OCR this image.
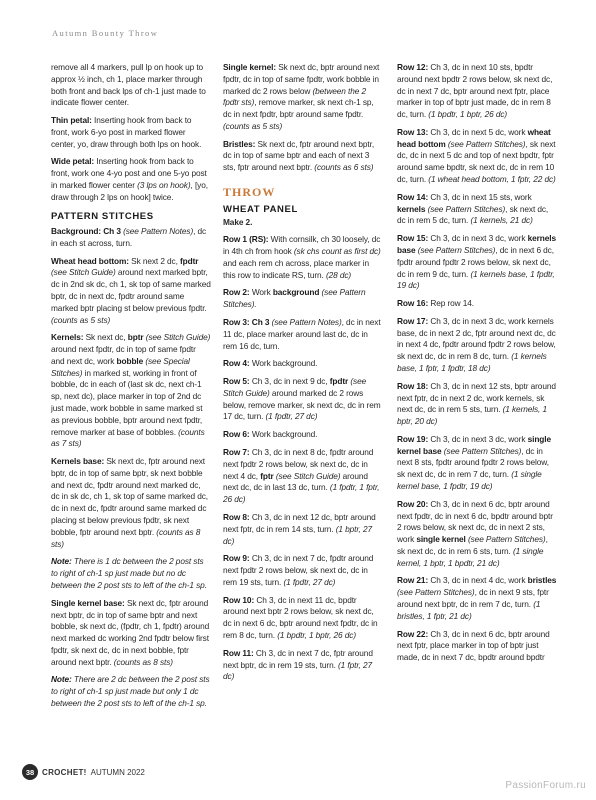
Autumn Bounty Throw

remove all 4 markers, pull lp on hook up to approx ½ inch, ch 1, place marker through both front and back lps of ch-1 just made to indicate flower center.

Thin petal: Inserting hook from back to front, work 6-yo post in marked flower center, yo, draw through both lps on hook.

Wide petal: Inserting hook from back to front, work one 4-yo post and one 5-yo post in marked flower center (3 lps on hook), [yo, draw through 2 lps on hook] twice.

PATTERN STITCHES

Background: Ch 3 (see Pattern Notes), dc in each st across, turn.

Wheat head bottom: Sk next 2 dc, fpdtr (see Stitch Guide) around next marked bptr, dc in 2nd sk dc, ch 1, sk top of same marked bptr, dc in next dc, fpdtr around same marked bptr placing st below previous fpdtr. (counts as 5 sts)

Kernels: Sk next dc, bptr (see Stitch Guide) around next fpdtr, dc in top of same fpdtr and next dc, work bobble (see Special Stitches) in marked st, working in front of bobble, dc in each of (last sk dc, next ch-1 sp, next dc), place marker in top of 2nd dc just made, work bobble in same marked st as previous bobble, bptr around next fpdtr, remove marker at base of bobbles. (counts as 7 sts)

Kernels base: Sk next dc, fptr around next bptr, dc in top of same bptr, sk next bobble and next dc, fpdtr around next marked dc, dc in sk dc, ch 1, sk top of same marked dc, dc in next dc, fpdtr around same marked dc placing st below previous fpdtr, sk next bobble, fptr around next bptr. (counts as 8 sts)

Note: There is 1 dc between the 2 post sts to right of ch-1 sp just made but no dc between the 2 post sts to left of the ch-1 sp.

Single kernel base: Sk next dc, fptr around next bptr, dc in top of same bptr and next bobble, sk next dc, (fpdtr, ch 1, fpdtr) around next marked dc working 2nd fpdtr below first fpdtr, sk next dc, dc in next bobble, fptr around next bptr. (counts as 8 sts)

Note: There are 2 dc between the 2 post sts to right of ch-1 sp just made but only 1 dc between the 2 post sts to left of the ch-1 sp.

Single kernel: Sk next dc, bptr around next fpdtr, dc in top of same fpdtr, work bobble in marked dc 2 rows below (between the 2 fpdtr sts), remove marker, sk next ch-1 sp, dc in next fpdtr, bptr around same fpdtr. (counts as 5 sts)

Bristles: Sk next dc, fptr around next bptr, dc in top of same bptr and each of next 3 sts, fptr around next bptr. (counts as 6 sts)

THROW
WHEAT PANEL

Make 2.

Row 1 (RS): With cornsilk, ch 30 loosely, dc in 4th ch from hook (sk chs count as first dc) and each rem ch across, place marker in this row to indicate RS, turn. (28 dc)

Row 2: Work background (see Pattern Stitches).

Row 3: Ch 3 (see Pattern Notes), dc in next 11 dc, place marker around last dc, dc in rem 16 dc, turn.

Row 4: Work background.

Row 5: Ch 3, dc in next 9 dc, fpdtr (see Stitch Guide) around marked dc 2 rows below, remove marker, sk next dc, dc in rem 17 dc, turn. (1 fpdtr, 27 dc)

Row 6: Work background.

Row 7: Ch 3, dc in next 8 dc, fpdtr around next fpdtr 2 rows below, sk next dc, dc in next 4 dc, fptr (see Stitch Guide) around next dc, dc in last 13 dc, turn. (1 fpdtr, 1 fptr, 26 dc)

Row 8: Ch 3, dc in next 12 dc, bptr around next fptr, dc in rem 14 sts, turn. (1 bptr, 27 dc)

Row 9: Ch 3, dc in next 7 dc, fpdtr around next fpdtr 2 rows below, sk next dc, dc in rem 19 sts, turn. (1 fpdtr, 27 dc)

Row 10: Ch 3, dc in next 11 dc, bpdtr around next bptr 2 rows below, sk next dc, dc in next 6 dc, bptr around next fpdtr, dc in rem 8 dc, turn. (1 bpdtr, 1 bptr, 26 dc)

Row 11: Ch 3, dc in next 7 dc, fptr around next bptr, dc in rem 19 sts, turn. (1 fptr, 27 dc)

Row 12: Ch 3, dc in next 10 sts, bpdtr around next bpdtr 2 rows below, sk next dc, dc in next 7 dc, bptr around next fptr, place marker in top of bptr just made, dc in rem 8 dc, turn. (1 bpdtr, 1 bptr, 26 dc)

Row 13: Ch 3, dc in next 5 dc, work wheat head bottom (see Pattern Stitches), sk next dc, dc in next 5 dc and top of next bpdtr, fptr around same bpdtr, sk next dc, dc in rem 10 dc, turn. (1 wheat head bottom, 1 fptr, 22 dc)

Row 14: Ch 3, dc in next 15 sts, work kernels (see Pattern Stitches), sk next dc, dc in rem 5 dc, turn. (1 kernels, 21 dc)

Row 15: Ch 3, dc in next 3 dc, work kernels base (see Pattern Stitches), dc in next 6 dc, fpdtr around fpdtr 2 rows below, sk next dc, dc in rem 9 dc, turn. (1 kernels base, 1 fpdtr, 19 dc)

Row 16: Rep row 14.

Row 17: Ch 3, dc in next 3 dc, work kernels base, dc in next 2 dc, fptr around next dc, dc in next 4 dc, fpdtr around fpdtr 2 rows below, sk next dc, dc in rem 8 dc, turn. (1 kernels base, 1 fptr, 1 fpdtr, 18 dc)

Row 18: Ch 3, dc in next 12 sts, bptr around next fptr, dc in next 2 dc, work kernels, sk next dc, dc in rem 5 sts, turn. (1 kernels, 1 bptr, 20 dc)

Row 19: Ch 3, dc in next 3 dc, work single kernel base (see Pattern Stitches), dc in next 8 sts, fpdtr around fpdtr 2 rows below, sk next dc, dc in rem 7 dc, turn. (1 single kernel base, 1 fpdtr, 19 dc)

Row 20: Ch 3, dc in next 6 dc, bptr around next fpdtr, dc in next 6 dc, bpdtr around bptr 2 rows below, sk next dc, dc in next 2 sts, work single kernel (see Pattern Stitches), sk next dc, dc in rem 6 sts, turn. (1 single kernel, 1 bptr, 1 bpdtr, 21 dc)

Row 21: Ch 3, dc in next 4 dc, work bristles (see Pattern Stitches), dc in next 9 sts, fptr around next bptr, dc in rem 7 dc, turn. (1 bristles, 1 fptr, 21 dc)

Row 22: Ch 3, dc in next 6 dc, bptr around next fptr, place marker in top of bptr just made, dc in next 7 dc, bpdtr around bpdtr

38 CROCHET! AUTUMN 2022
PassionForum.ru
